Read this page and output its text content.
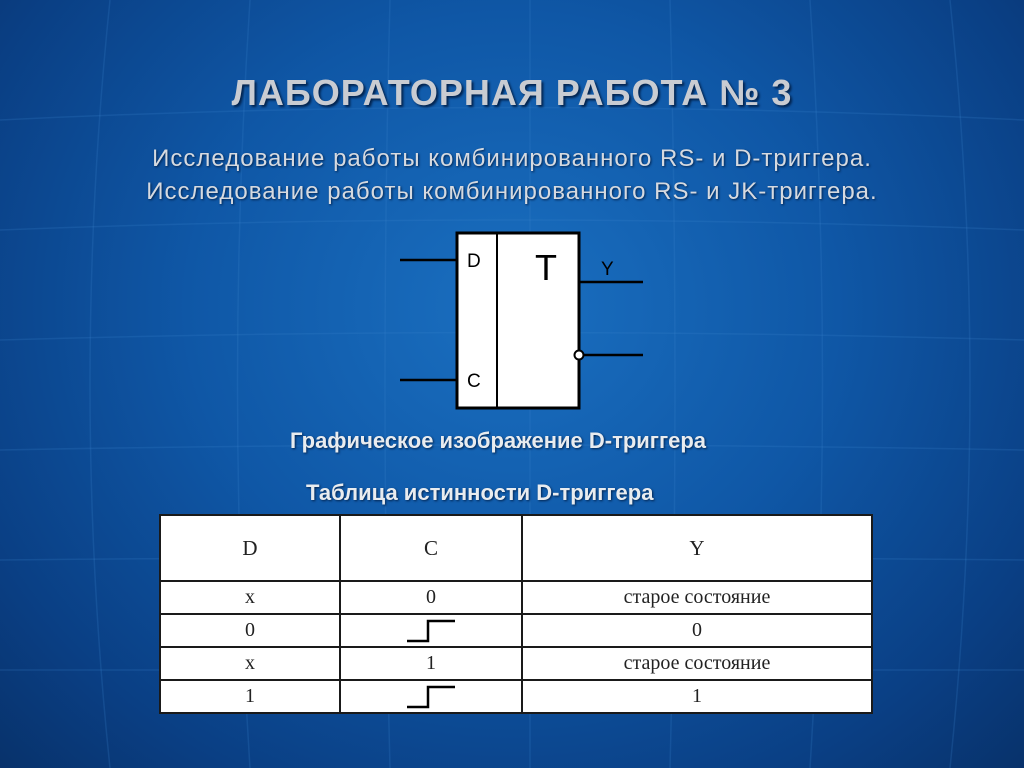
ЛАБОРАТОРНАЯ РАБОТА № 3
Исследование работы комбинированного RS- и D-триггера.
Исследование работы комбинированного RS- и JK-триггера.
D
C
T Y
Графическое изображение D-триггера
Таблица истинности D-триггера
D	C	Y
x	0	старое состояние
0		0
x	1	старое состояние
1		1
